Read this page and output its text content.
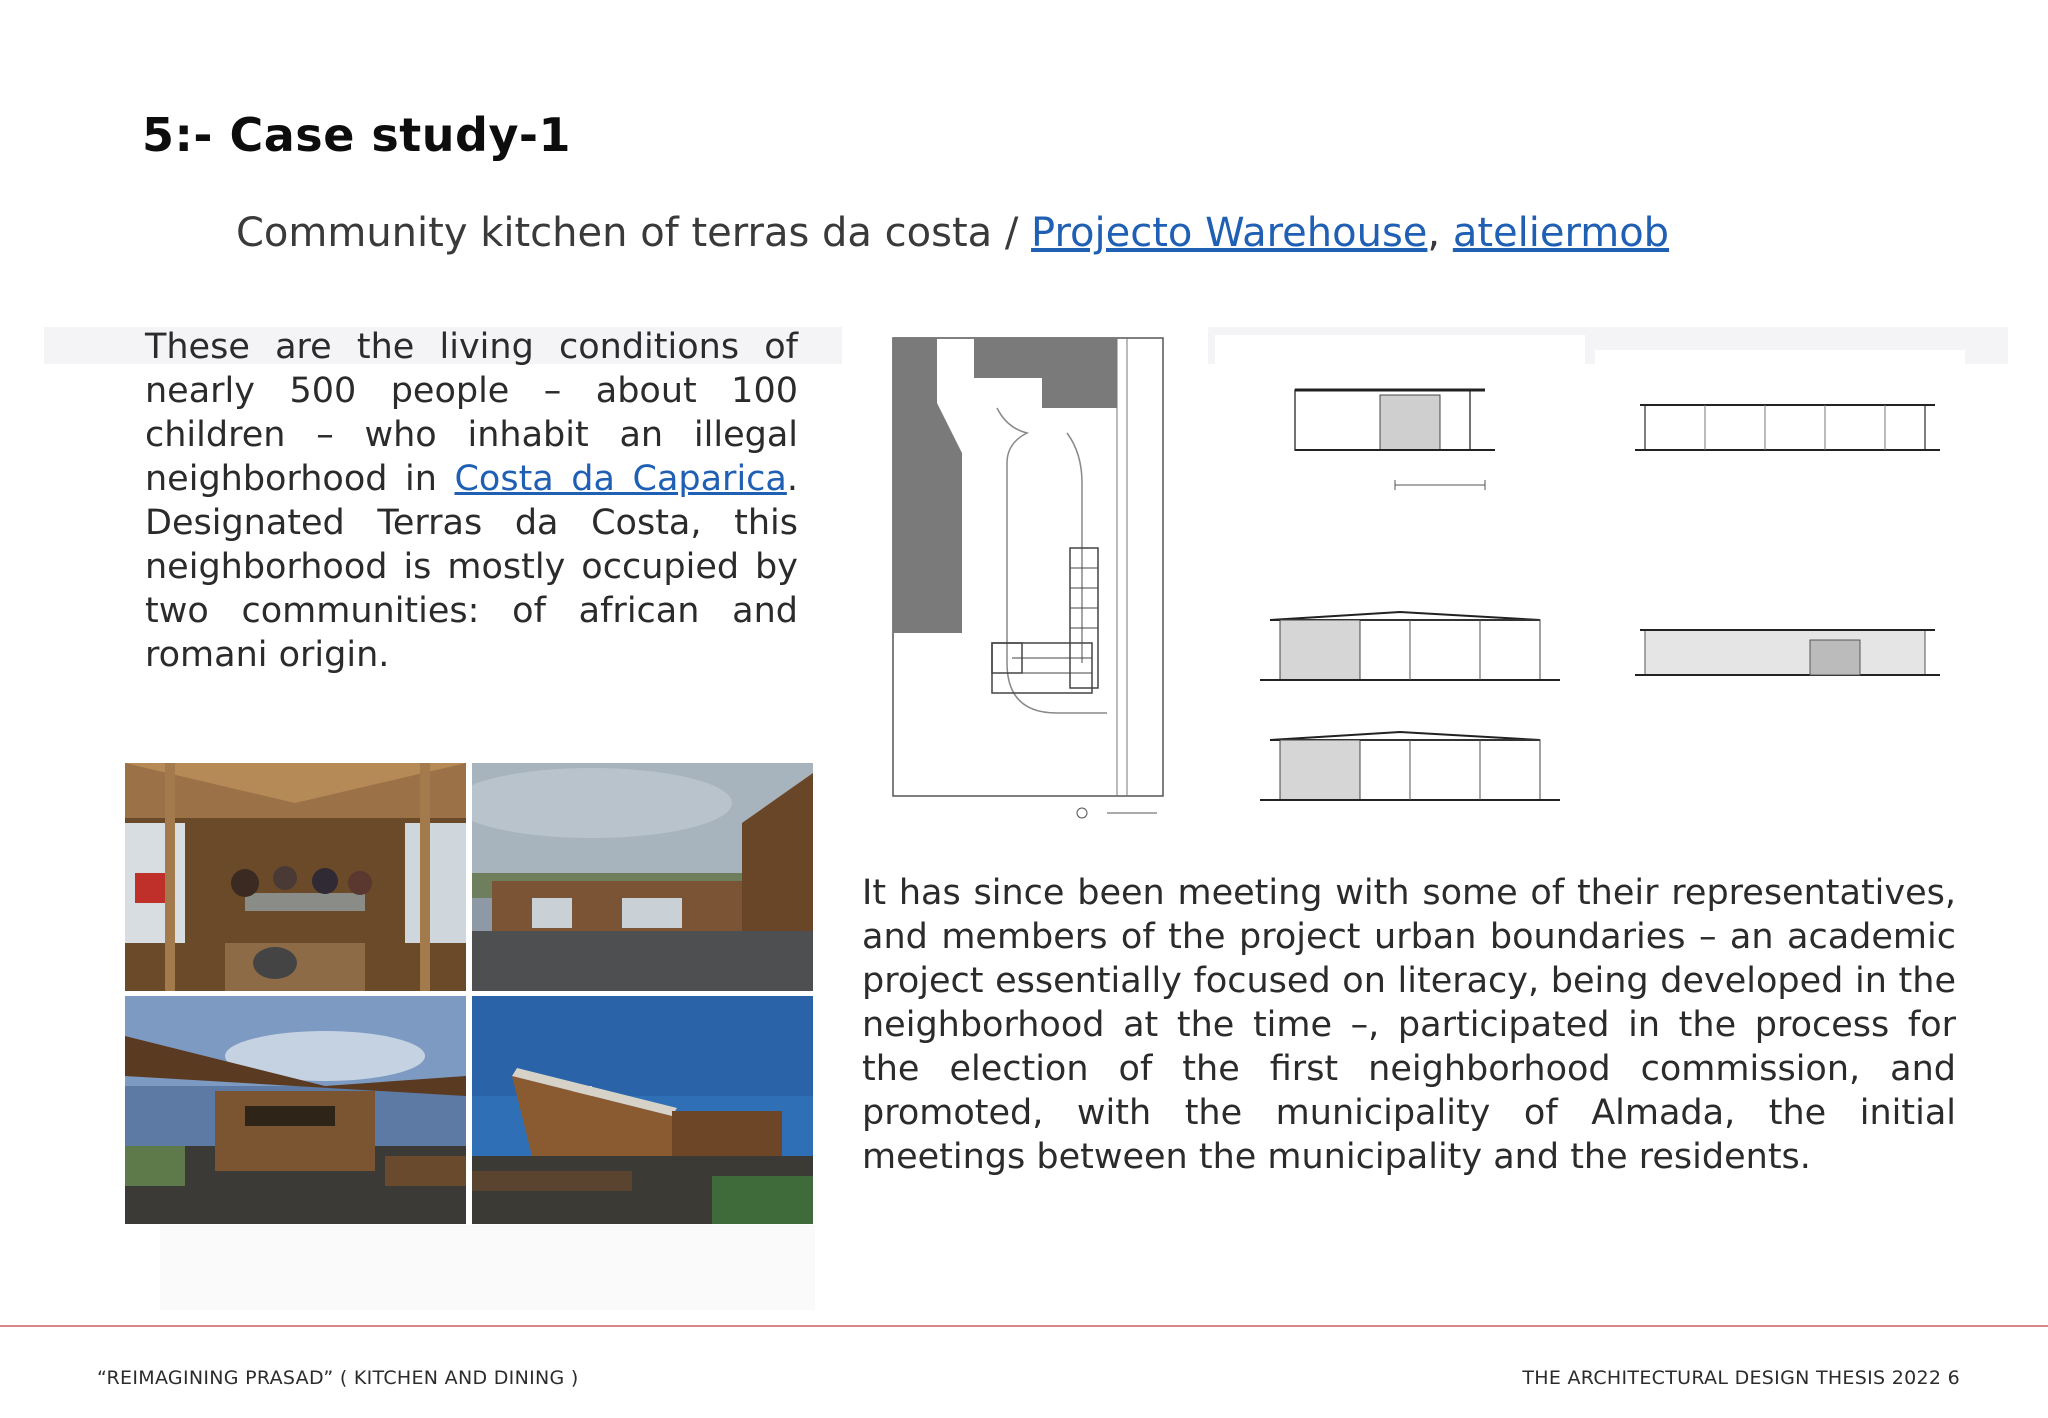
5:- Case study-1

Community kitchen of terras da costa / Projecto Warehouse, ateliermob

These are the living conditions of nearly 500 people – about 100 children – who inhabit an illegal neighborhood in Costa da Caparica. Designated Terras da Costa, this neighborhood is mostly occupied by two communities: of african and romani origin.

It has since been meeting with some of their representatives, and members of the project urban boundaries – an academic project essentially focused on literacy, being developed in the neighborhood at the time –, participated in the process for the election of the first neighborhood commission, and promoted, with the municipality of Almada, the initial meetings between the municipality and the residents.

“REIMAGINING PRASAD” ( KITCHEN AND DINING )	THE ARCHITECTURAL DESIGN THESIS 2022 6
